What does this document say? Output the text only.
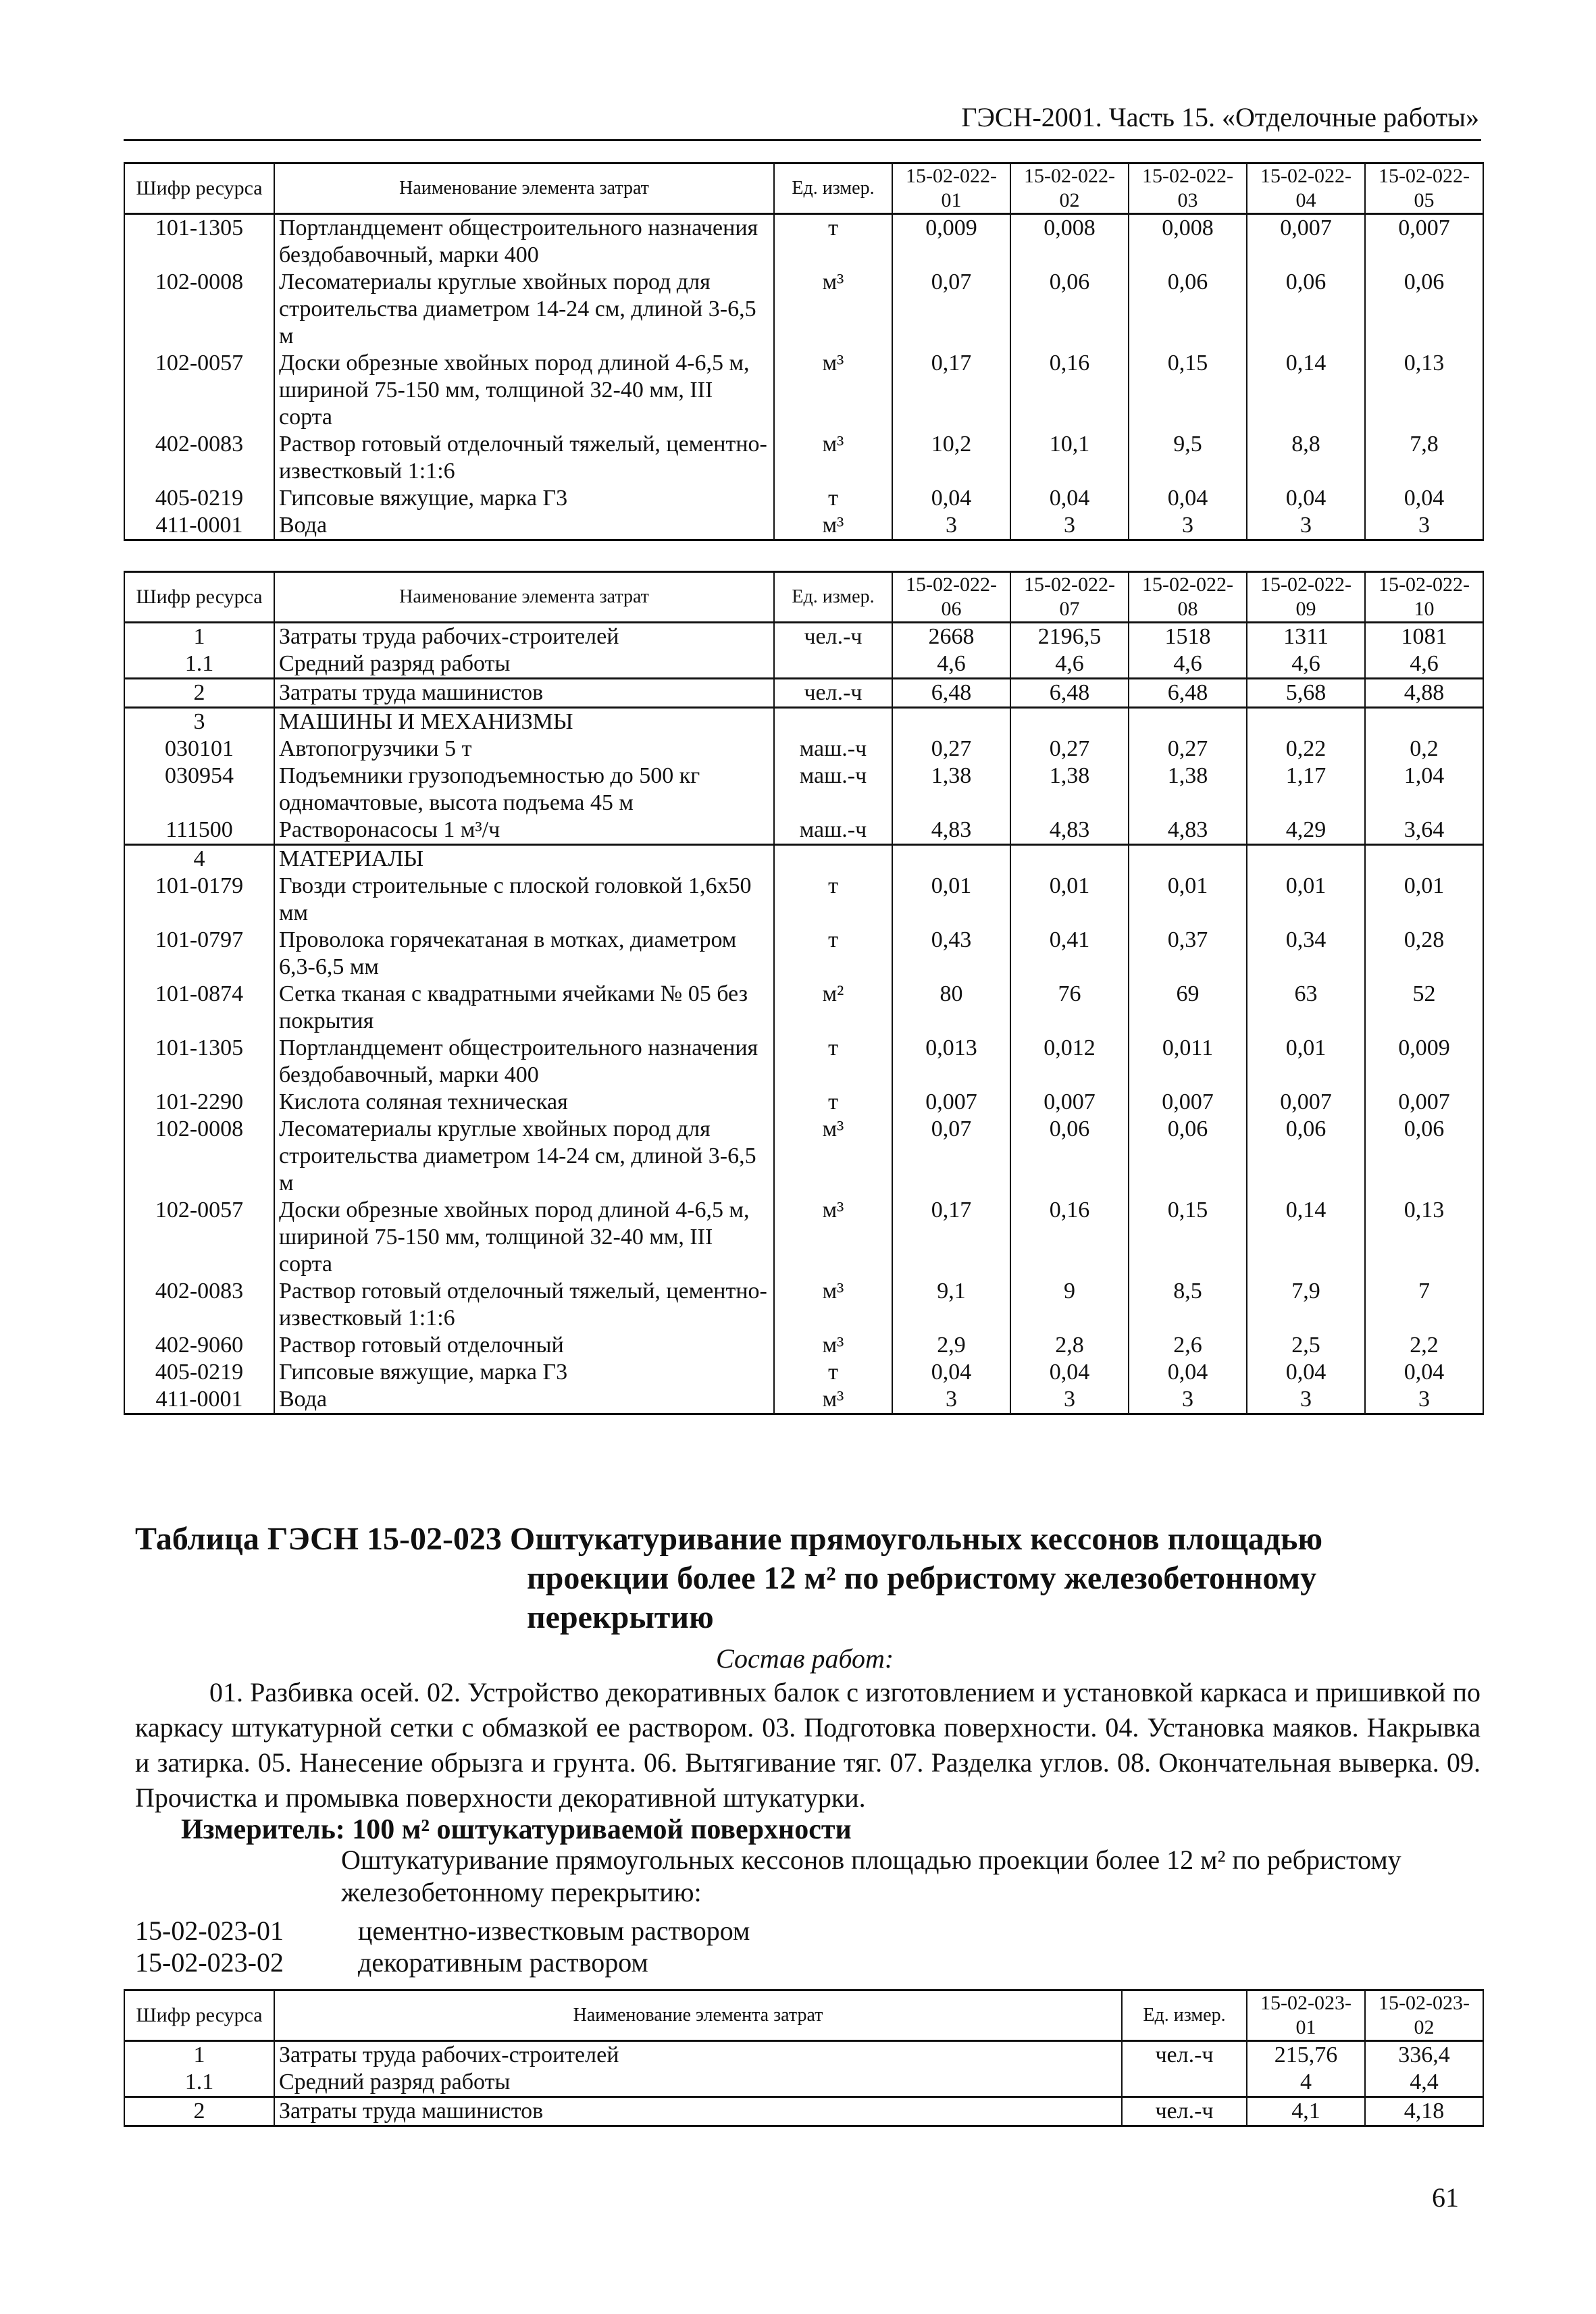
ГЭСН-2001. Часть 15. «Отделочные работы»
Шифр ресурса	Наименование элемента затрат	Ед. измер.	15-02-022-01	15-02-022-02	15-02-022-03	15-02-022-04	15-02-022-05
101-1305	Портландцемент общестроительного назначения бездобавочный, марки 400	т	0,009	0,008	0,008	0,007	0,007
102-0008	Лесоматериалы круглые хвойных пород для строительства диаметром 14-24 см, длиной 3-6,5 м	м³	0,07	0,06	0,06	0,06	0,06
102-0057	Доски обрезные хвойных пород длиной 4-6,5 м, шириной 75-150 мм, толщиной 32-40 мм, III сорта	м³	0,17	0,16	0,15	0,14	0,13
402-0083	Раствор готовый отделочный тяжелый, цементно-известковый 1:1:6	м³	10,2	10,1	9,5	8,8	7,8
405-0219	Гипсовые вяжущие, марка Г3	т	0,04	0,04	0,04	0,04	0,04
411-0001	Вода	м³	3	3	3	3	3
Шифр ресурса	Наименование элемента затрат	Ед. измер.	15-02-022-06	15-02-022-07	15-02-022-08	15-02-022-09	15-02-022-10
1	Затраты труда рабочих-строителей	чел.-ч	2668	2196,5	1518	1311	1081
1.1	Средний разряд работы		4,6	4,6	4,6	4,6	4,6
2	Затраты труда машинистов	чел.-ч	6,48	6,48	6,48	5,68	4,88
3	МАШИНЫ И МЕХАНИЗМЫ						
030101	Автопогрузчики 5 т	маш.-ч	0,27	0,27	0,27	0,22	0,2
030954	Подъемники грузоподъемностью до 500 кг одномачтовые, высота подъема 45 м	маш.-ч	1,38	1,38	1,38	1,17	1,04
111500	Растворонасосы 1 м³/ч	маш.-ч	4,83	4,83	4,83	4,29	3,64
4	МАТЕРИАЛЫ						
101-0179	Гвозди строительные с плоской головкой 1,6х50 мм	т	0,01	0,01	0,01	0,01	0,01
101-0797	Проволока горячекатаная в мотках, диаметром 6,3-6,5 мм	т	0,43	0,41	0,37	0,34	0,28
101-0874	Сетка тканая с квадратными ячейками № 05 без покрытия	м²	80	76	69	63	52
101-1305	Портландцемент общестроительного назначения бездобавочный, марки 400	т	0,013	0,012	0,011	0,01	0,009
101-2290	Кислота соляная техническая	т	0,007	0,007	0,007	0,007	0,007
102-0008	Лесоматериалы круглые хвойных пород для строительства диаметром 14-24 см, длиной 3-6,5 м	м³	0,07	0,06	0,06	0,06	0,06
102-0057	Доски обрезные хвойных пород длиной 4-6,5 м, шириной 75-150 мм, толщиной 32-40 мм, III сорта	м³	0,17	0,16	0,15	0,14	0,13
402-0083	Раствор готовый отделочный тяжелый, цементно-известковый 1:1:6	м³	9,1	9	8,5	7,9	7
402-9060	Раствор готовый отделочный	м³	2,9	2,8	2,6	2,5	2,2
405-0219	Гипсовые вяжущие, марка Г3	т	0,04	0,04	0,04	0,04	0,04
411-0001	Вода	м³	3	3	3	3	3
Таблица ГЭСН 15-02-023 Оштукатуривание прямоугольных кессонов площадью
проекции более 12 м² по ребристому железобетонному
перекрытию
Состав работ:
01. Разбивка осей. 02. Устройство декоративных балок с изготовлением и установкой каркаса и пришивкой по каркасу штукатурной сетки с обмазкой ее раствором. 03. Подготовка поверхности. 04. Установка маяков. Накрывка и затирка. 05. Нанесение обрызга и грунта. 06. Вытягивание тяг. 07. Разделка углов. 08. Окончательная выверка. 09. Прочистка и промывка поверхности декоративной штукатурки.
Измеритель: 100 м² оштукатуриваемой поверхности
Оштукатуривание прямоугольных кессонов площадью проекции более 12 м² по ребристому железобетонному перекрытию:
15-02-023-01	цементно-известковым раствором
15-02-023-02	декоративным раствором
Шифр ресурса	Наименование элемента затрат	Ед. измер.	15-02-023-01	15-02-023-02
1	Затраты труда рабочих-строителей	чел.-ч	215,76	336,4
1.1	Средний разряд работы		4	4,4
2	Затраты труда машинистов	чел.-ч	4,1	4,18
61
